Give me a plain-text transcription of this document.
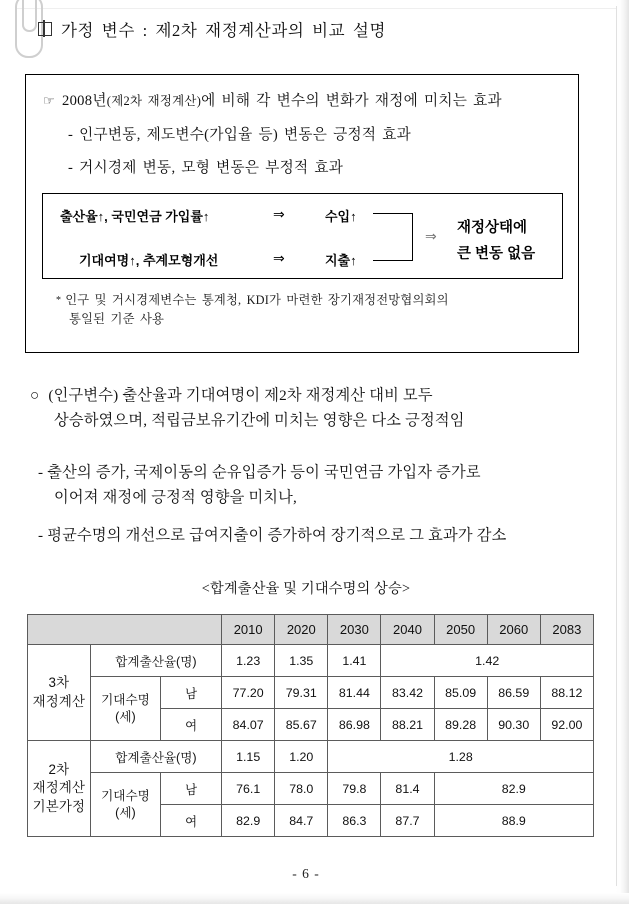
가정 변수 : 제2차 재정계산과의 비교 설명
☞ 2008년(제2차 재정계산)에 비해 각 변수의 변화가 재정에 미치는 효과
- 인구변동, 제도변수(가입율 등) 변동은 긍정적 효과
- 거시경제 변동, 모형 변동은 부정적 효과
출산율↑, 국민연금 가입률↑	⇒	수입↑
기대여명↑, 추계모형개선	⇒	지출↑
⇒ 재정상태에
큰 변동 없음
* 인구 및 거시경제변수는 통계청, KDI가 마련한 장기재정전망협의회의
통일된 기준 사용
○ (인구변수) 출산율과 기대여명이 제2차 재정계산 대비 모두
상승하였으며, 적립금보유기간에 미치는 영향은 다소 긍정적임
- 출산의 증가, 국제이동의 순유입증가 등이 국민연금 가입자 증가로
이어져 재정에 긍정적 영향을 미치나,
- 평균수명의 개선으로 급여지출이 증가하여 장기적으로 그 효과가 감소
<합계출산율 및 기대수명의 상승>
			2010	2020	2030	2040	2050	2060	2083
3차
재정계산	합계출산율(명)		1.23	1.35	1.41	1.42			
	기대수명
(세)	남	77.20	79.31	81.44	83.42	85.09	86.59	88.12
		여	84.07	85.67	86.98	88.21	89.28	90.30	92.00
2차
재정계산
기본가정	합계출산율(명)		1.15	1.20	1.28				
	기대수명
(세)	남	76.1	78.0	79.8	81.4	82.9		
		여	82.9	84.7	86.3	87.7	88.9		
- 6 -
